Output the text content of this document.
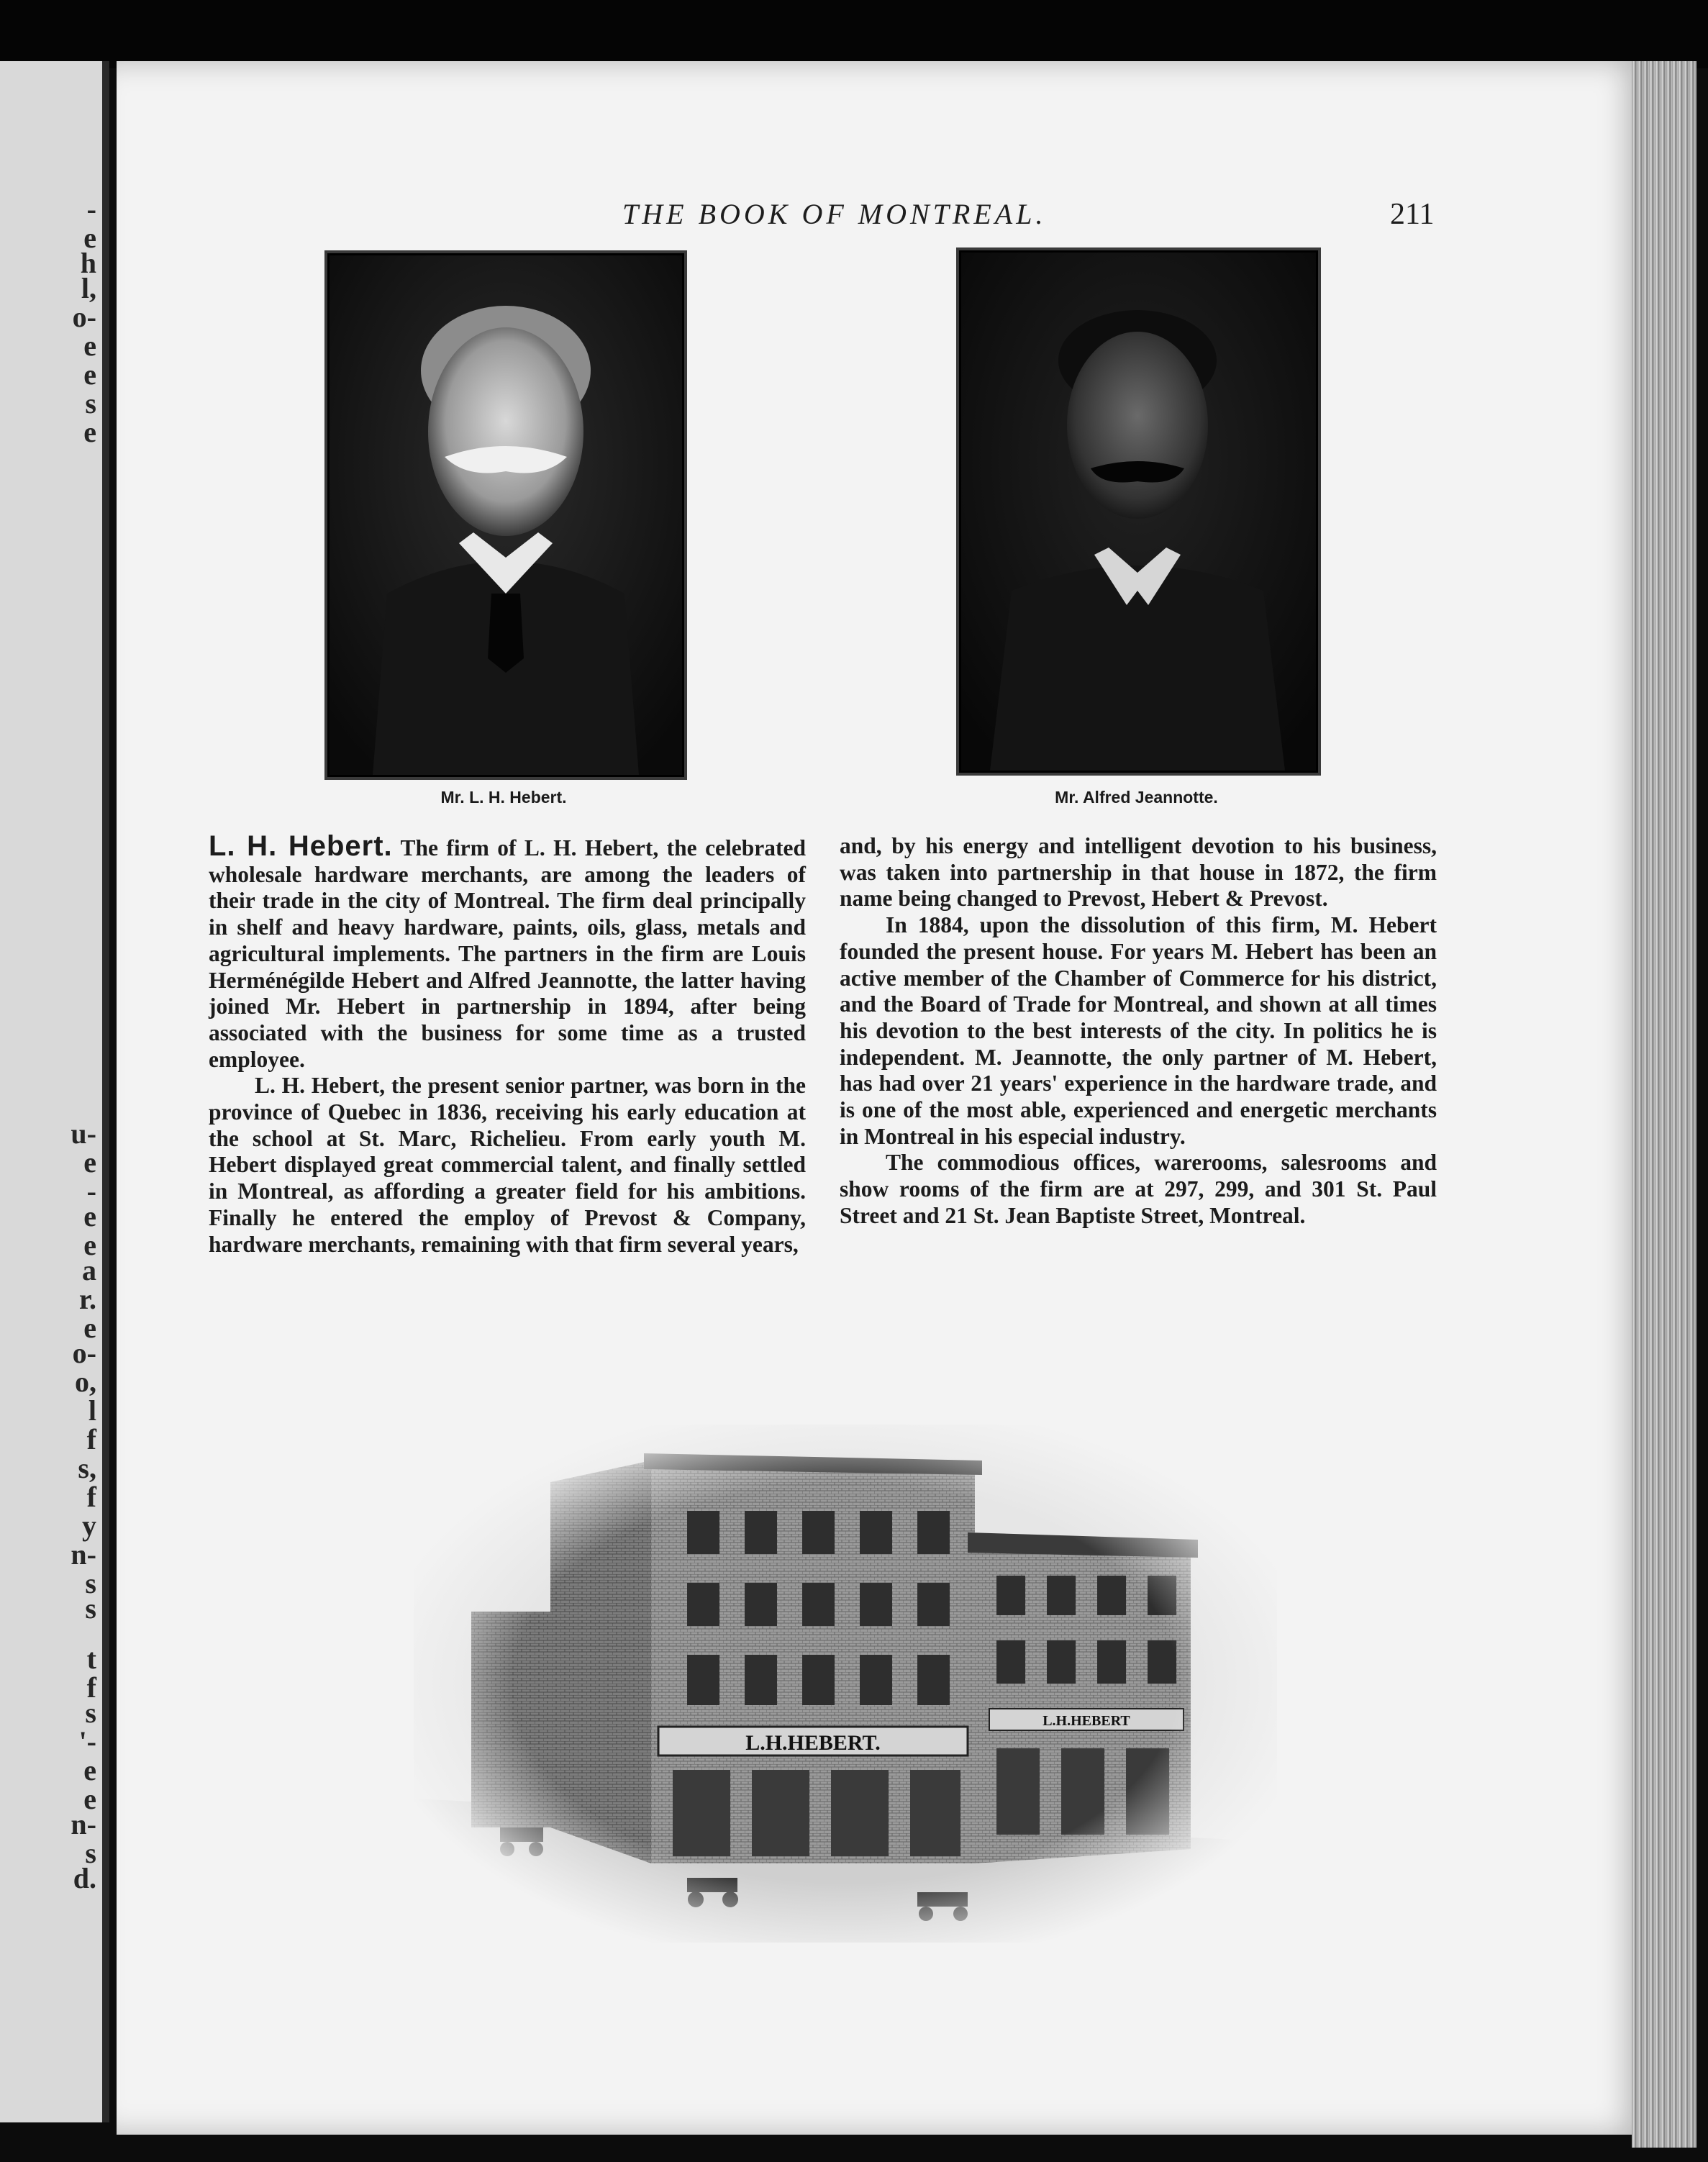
-
e
h
l,
o-
e
e
s
e
u-
e
-
e
e
a
r.
e
o-
o,
l
f
s,
f
y
n-
s
s
t
f
s
'-
e
e
n-
s
d.
THE BOOK OF MONTREAL.	211
Mr. L. H. Hebert.	Mr. Alfred Jeannotte.

L. H. Hebert. The firm of L. H. Hebert, the celebrated wholesale hardware merchants, are among the leaders of their trade in the city of Montreal. The firm deal principally in shelf and heavy hardware, paints, oils, glass, metals and agricultural implements. The partners in the firm are Louis Herménégilde Hebert and Alfred Jeannotte, the latter having joined Mr. Hebert in partnership in 1894, after being associated with the business for some time as a trusted employee.

L. H. Hebert, the present senior partner, was born in the province of Quebec in 1836, receiving his early education at the school at St. Marc, Richelieu. From early youth M. Hebert displayed great commercial talent, and finally settled in Montreal, as affording a greater field for his ambitions. Finally he entered the employ of Prevost & Company, hardware merchants, remaining with that firm several years,

and, by his energy and intelligent devotion to his business, was taken into partnership in that house in 1872, the firm name being changed to Prevost, Hebert & Prevost.

In 1884, upon the dissolution of this firm, M. Hebert founded the present house. For years M. Hebert has been an active member of the Chamber of Commerce for his district, and the Board of Trade for Montreal, and shown at all times his devotion to the best interests of the city. In politics he is independent. M. Jeannotte, the only partner of M. Hebert, has had over 21 years' experience in the hardware trade, and is one of the most able, experienced and energetic merchants in Montreal in his especial industry.

The commodious offices, warerooms, salesrooms and show rooms of the firm are at 297, 299, and 301 St. Paul Street and 21 St. Jean Baptiste Street, Montreal.
